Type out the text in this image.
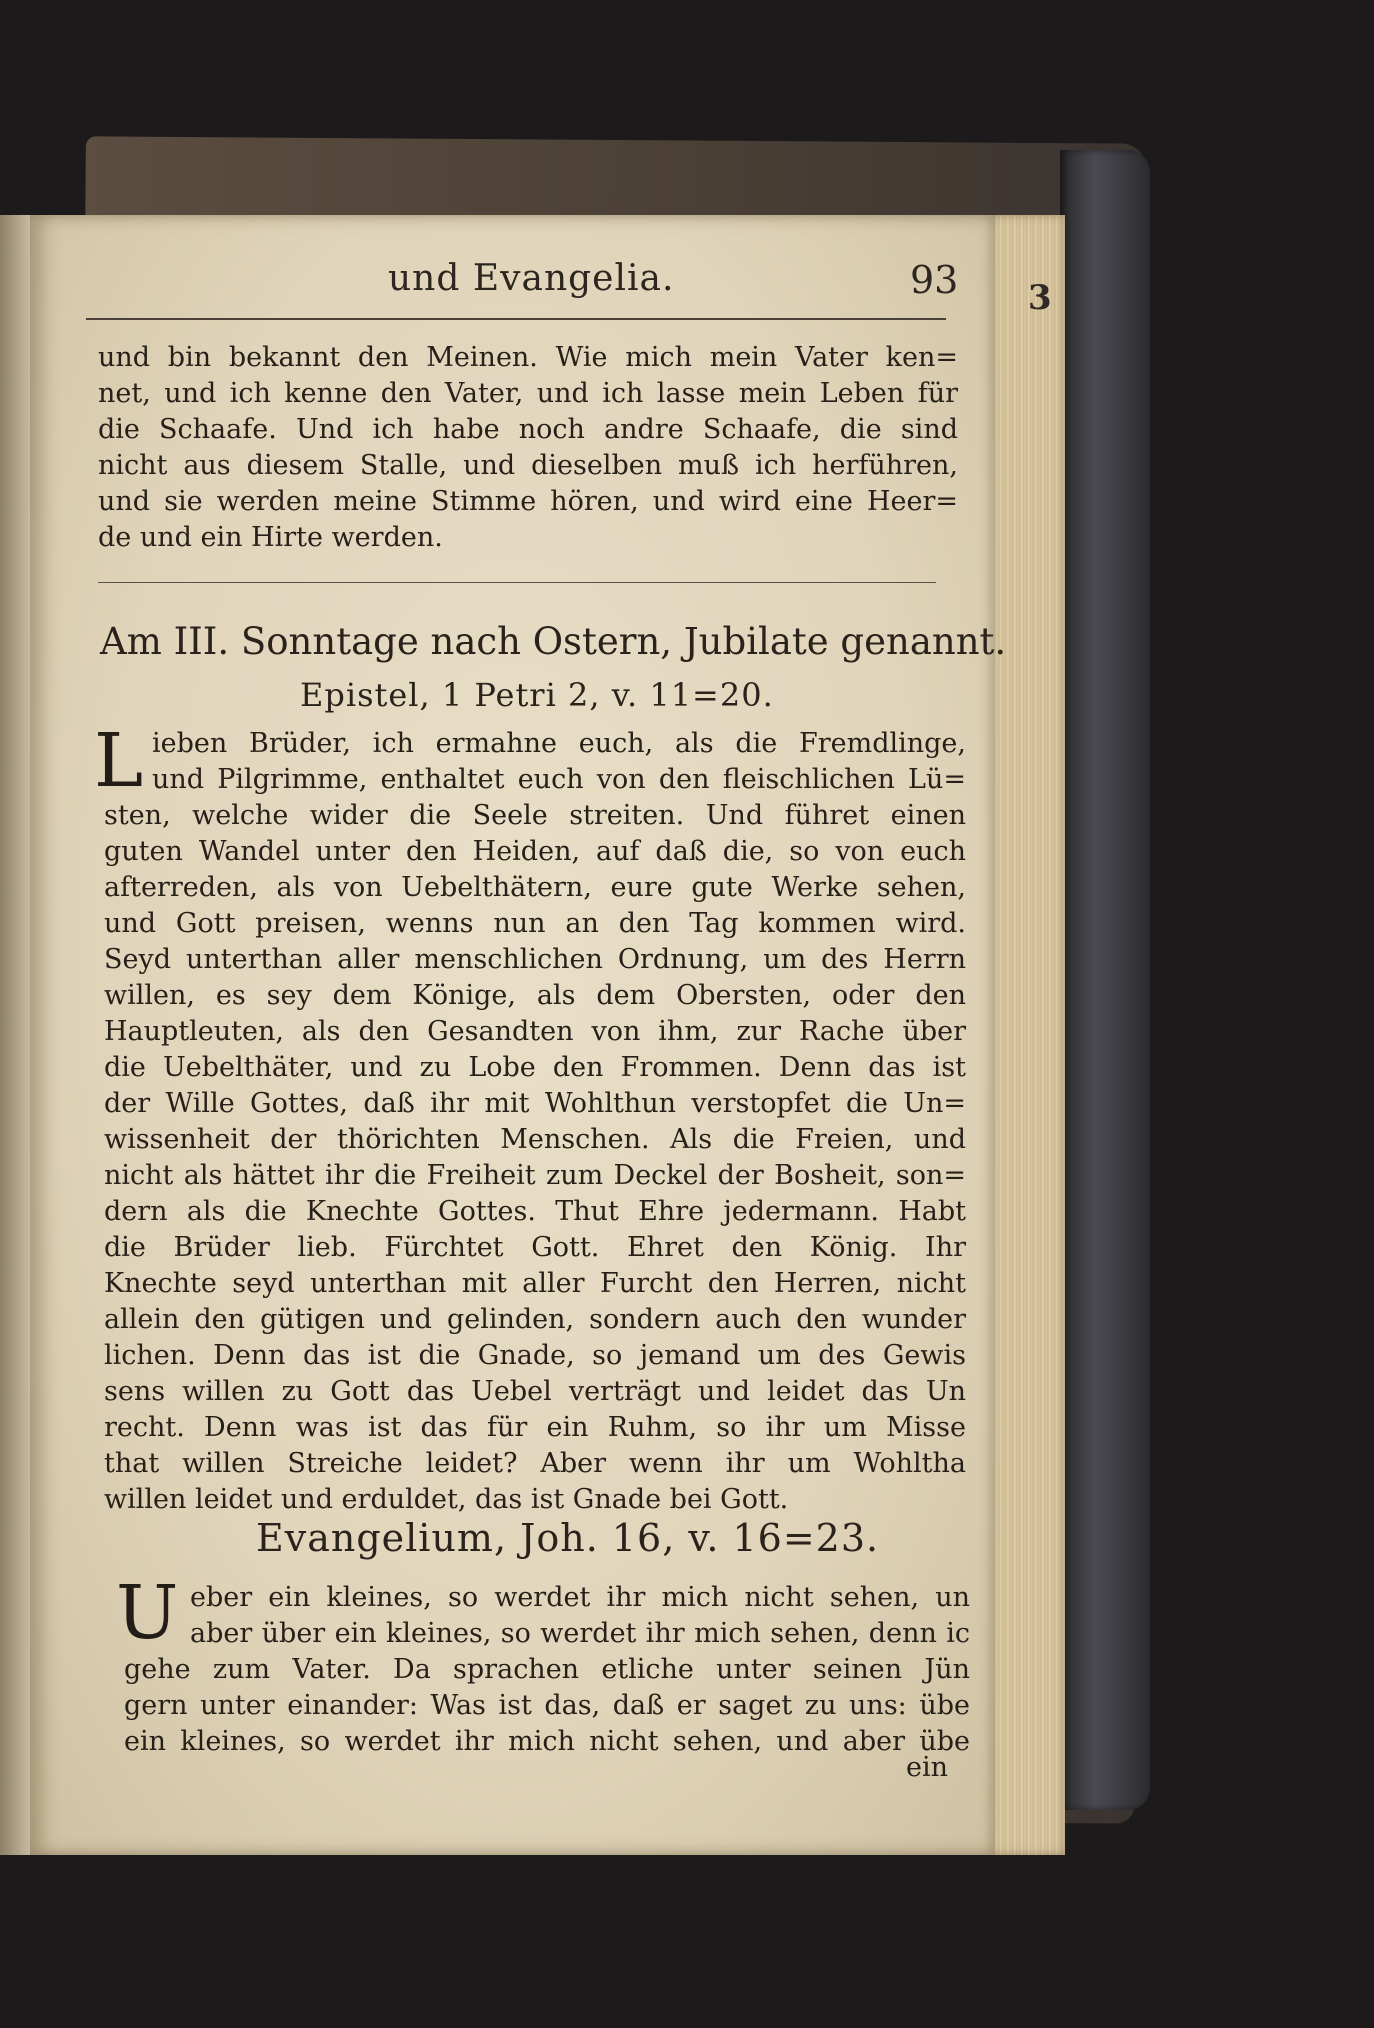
3
und Evangelia.	93
und bin bekannt den Meinen. Wie mich mein Vater ken=
net, und ich kenne den Vater, und ich lasse mein Leben für
die Schaafe. Und ich habe noch andre Schaafe, die sind
nicht aus diesem Stalle, und dieselben muß ich herführen,
und sie werden meine Stimme hören, und wird eine Heer=
de und ein Hirte werden.
Am III. Sonntage nach Ostern, Jubilate genannt.
Epistel, 1 Petri 2, v. 11=20.
L ieben Brüder, ich ermahne euch, als die Fremdlinge,
und Pilgrimme, enthaltet euch von den fleischlichen Lü=
sten, welche wider die Seele streiten. Und führet einen
guten Wandel unter den Heiden, auf daß die, so von euch
afterreden, als von Uebelthätern, eure gute Werke sehen,
und Gott preisen, wenns nun an den Tag kommen wird.
Seyd unterthan aller menschlichen Ordnung, um des Herrn
willen, es sey dem Könige, als dem Obersten, oder den
Hauptleuten, als den Gesandten von ihm, zur Rache über
die Uebelthäter, und zu Lobe den Frommen. Denn das ist
der Wille Gottes, daß ihr mit Wohlthun verstopfet die Un=
wissenheit der thörichten Menschen. Als die Freien, und
nicht als hättet ihr die Freiheit zum Deckel der Bosheit, son=
dern als die Knechte Gottes. Thut Ehre jedermann. Habt
die Brüder lieb. Fürchtet Gott. Ehret den König. Ihr
Knechte seyd unterthan mit aller Furcht den Herren, nicht
allein den gütigen und gelinden, sondern auch den wunder
lichen. Denn das ist die Gnade, so jemand um des Gewis
sens willen zu Gott das Uebel verträgt und leidet das Un
recht. Denn was ist das für ein Ruhm, so ihr um Misse
that willen Streiche leidet? Aber wenn ihr um Wohltha
willen leidet und erduldet, das ist Gnade bei Gott.
Evangelium, Joh. 16, v. 16=23.
U eber ein kleines, so werdet ihr mich nicht sehen, un
aber über ein kleines, so werdet ihr mich sehen, denn ic
gehe zum Vater. Da sprachen etliche unter seinen Jün
gern unter einander: Was ist das, daß er saget zu uns: übe
ein kleines, so werdet ihr mich nicht sehen, und aber übe
ein
